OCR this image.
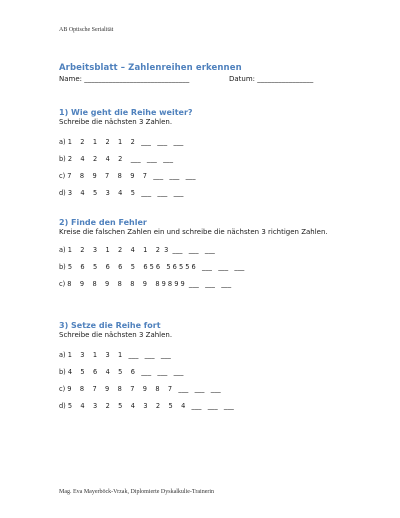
AB Optische Serialität
Arbeitsblatt – Zahlenreihen erkennen
Name: ______________________________	Datum: ________________
1) Wie geht die Reihe weiter?
Schreibe die nächsten 3 Zahlen.
a) 1    2    1    2    1    2   ___   ___   ___
b) 2    4    2    4    2    ___   ___   ___
c) 7    8    9    7    8    9    7   ___   ___   ___
d) 3    4    5    3    4    5   ___   ___   ___
2) Finde den Fehler
Kreise die falschen Zahlen ein und schreibe die nächsten 3 richtigen Zahlen.
a) 1    2    3    1    2    4    1    2  3  ___   ___   ___
b) 5    6    5    6    6    5    6 5 6   5 6 5 5 6   ___   ___   ___
c) 8    9    8    9    8    8    9    8 9 8 9 9  ___   ___   ___
3) Setze die Reihe fort
Schreibe die nächsten 3 Zahlen.
a) 1    3    1    3    1   ___   ___   ___
b) 4    5    6    4    5    6   ___   ___   ___
c) 9    8    7    9    8    7    9    8    7   ___   ___   ___
d) 5    4    3    2    5    4    3    2    5    4   ___   ___   ___
Mag. Eva Mayerböck-Vrzak, Diplomierte Dyskalkulie-Trainerin
